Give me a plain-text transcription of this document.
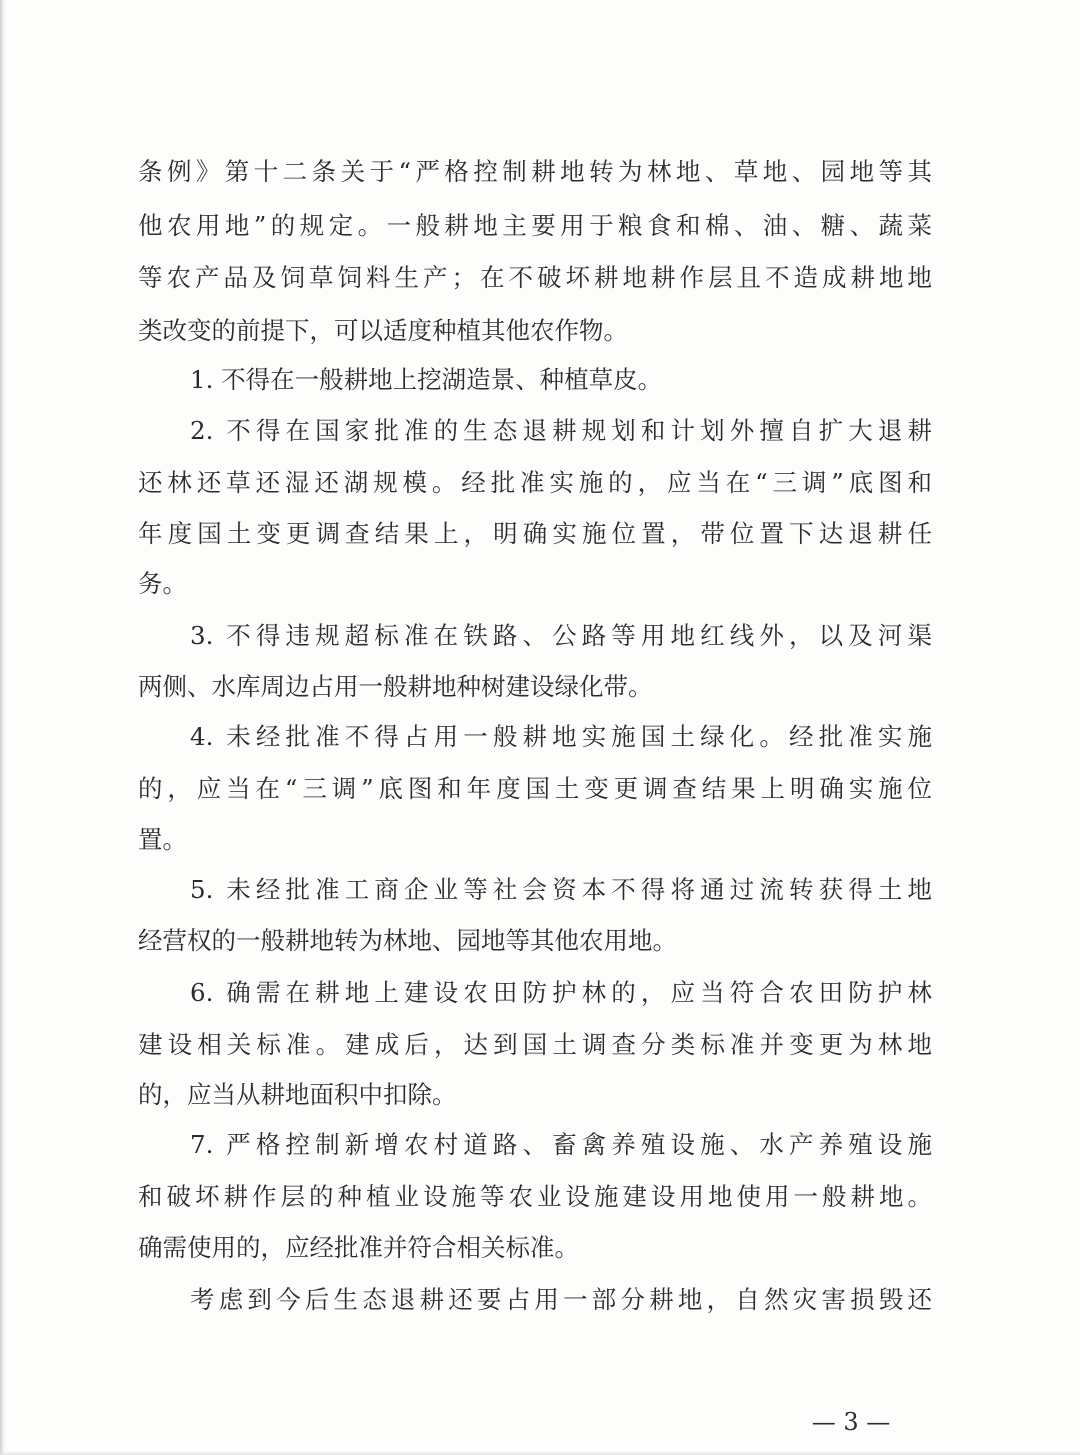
条例》第十二条关于“严格控制耕地转为林地、草地、园地等其
他农用地”的规定。一般耕地主要用于粮食和棉、油、糖、蔬菜
等农产品及饲草饲料生产；在不破坏耕地耕作层且不造成耕地地
类改变的前提下，可以适度种植其他农作物。
1. 不得在一般耕地上挖湖造景、种植草皮。
2. 不得在国家批准的生态退耕规划和计划外擅自扩大退耕
还林还草还湿还湖规模。经批准实施的，应当在“三调”底图和
年度国土变更调查结果上，明确实施位置，带位置下达退耕任
务。
3. 不得违规超标准在铁路、公路等用地红线外，以及河渠
两侧、水库周边占用一般耕地种树建设绿化带。
4. 未经批准不得占用一般耕地实施国土绿化。经批准实施
的，应当在“三调”底图和年度国土变更调查结果上明确实施位
置。
5. 未经批准工商企业等社会资本不得将通过流转获得土地
经营权的一般耕地转为林地、园地等其他农用地。
6. 确需在耕地上建设农田防护林的，应当符合农田防护林
建设相关标准。建成后，达到国土调查分类标准并变更为林地
的，应当从耕地面积中扣除。
7. 严格控制新增农村道路、畜禽养殖设施、水产养殖设施
和破坏耕作层的种植业设施等农业设施建设用地使用一般耕地。
确需使用的，应经批准并符合相关标准。
考虑到今后生态退耕还要占用一部分耕地，自然灾害损毁还
— 3 —
